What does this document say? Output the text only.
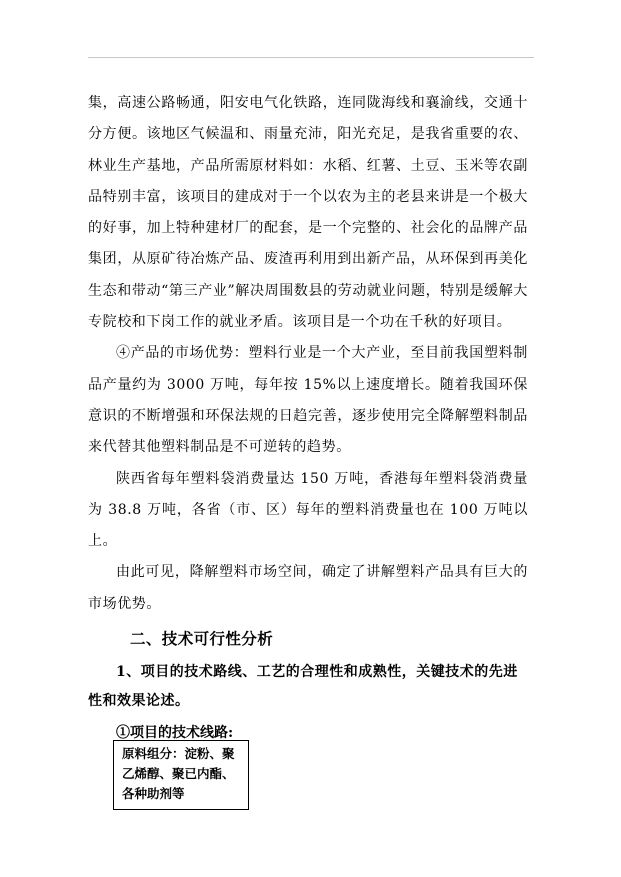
集，高速公路畅通，阳安电气化铁路，连同陇海线和襄渝线，交通十分方便。该地区气候温和、雨量充沛，阳光充足，是我省重要的农、林业生产基地，产品所需原材料如：水稻、红薯、土豆、玉米等农副品特别丰富，该项目的建成对于一个以农为主的老县来讲是一个极大的好事，加上特种建材厂的配套，是一个完整的、社会化的品牌产品集团，从原矿待冶炼产品、废渣再利用到出新产品，从环保到再美化生态和带动“第三产业”解决周围数县的劳动就业问题，特别是缓解大专院校和下岗工作的就业矛盾。该项目是一个功在千秋的好项目。

④产品的市场优势：塑料行业是一个大产业，至目前我国塑料制品产量约为 3000 万吨，每年按 15%以上速度增长。随着我国环保意识的不断增强和环保法规的日趋完善，逐步使用完全降解塑料制品来代替其他塑料制品是不可逆转的趋势。

陕西省每年塑料袋消费量达 150 万吨，香港每年塑料袋消费量为 38.8 万吨，各省（市、区）每年的塑料消费量也在 100 万吨以上。

由此可见，降解塑料市场空间，确定了讲解塑料产品具有巨大的市场优势。

二、技术可行性分析

1、项目的技术路线、工艺的合理性和成熟性，关键技术的先进性和效果论述。

①项目的技术线路:

原料组分：淀粉、聚乙烯醇、聚已内酯、各种助剂等
